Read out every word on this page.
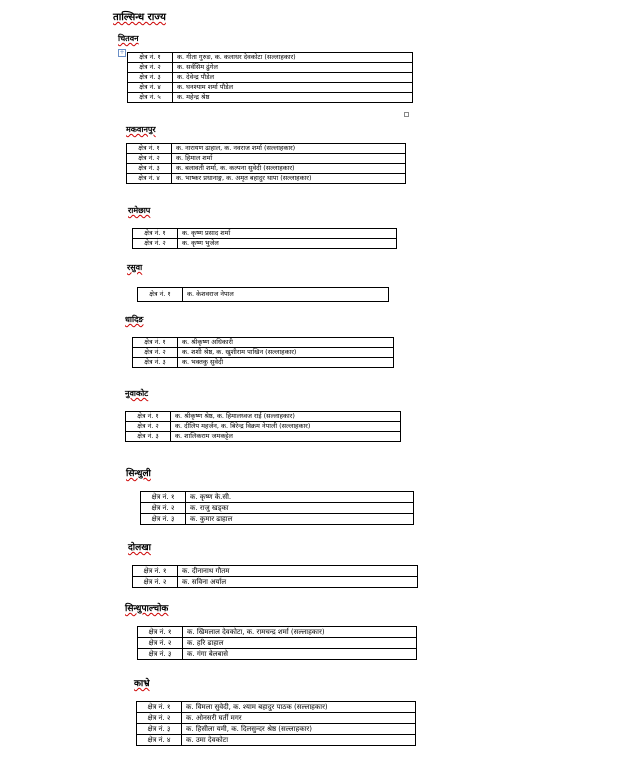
ताल्सिन्ध राज्य
+
चितवन
क्षेत्र नं. १	क. गीता गुरुङ, क. कलाधर देवकोटा (सल्लाहकार)
क्षेत्र नं. २	क. सर्वसिम ढुंगेल
क्षेत्र नं. ३	क. देवेन्द्र पौडेल
क्षेत्र नं. ४	क. घनश्याम शर्मा पौडेल
क्षेत्र नं. ५	क. महेन्द्र श्रेष्ठ
मकवानपुर
क्षेत्र नं. १	क. नारायण ढाहाल, क. नवराज शर्मा (सल्लाहकार)
क्षेत्र नं. २	क. हिमाल शर्मा
क्षेत्र नं. ३	क. बलावती शर्मा, क. कल्पना सुवेदी (सल्लाहकार)
क्षेत्र नं. ४	क. भाष्कर प्रधानाङ्ग, क. अमृत बहादुर थापा (सल्लाहकार)
रामेछाप
क्षेत्र नं. १	क. कृष्ण प्रसाद शर्मा
क्षेत्र नं. २	क. कृष्ण भुजेल
रसुवा
क्षेत्र नं. १	क. केशवराज नेपाल
धादिङ
क्षेत्र नं. १	क. श्रीकृष्ण अधिकारी
क्षेत्र नं. २	क. शशी श्रेष्ठ, क. खुशीराम पाखिन (सल्लाहकार)
क्षेत्र नं. ३	क. भक्तकु सुवेदी
नुवाकोट
क्षेत्र नं. १	क. श्रीकृष्ण श्रेष्ठ, क. हिमालध्वज राई (सल्लाहकार)
क्षेत्र नं. २	क. दीलिप महर्जन, क. बिरेन्द्र विक्रम नेपाली (सल्लाहकार)
क्षेत्र नं. ३	क. शालिकराम जमकट्टेल
सिन्धुली
क्षेत्र नं. १	क. कृष्ण के.सी.
क्षेत्र नं. २	क. राजु खड्का
क्षेत्र नं. ३	क. कुमार ढाहाल
दोलखा
क्षेत्र नं. १	क. दीनानाथ गौतम
क्षेत्र नं. २	क. सविना अर्याल
सिन्धुपाल्चोक
क्षेत्र नं. १	क. खिमलाल देवकोटा, क. रामचन्द्र शर्मा (सल्लाहकार)
क्षेत्र नं. २	क. हरि ढाहाल
क्षेत्र नं. ३	क. गंगा बेलबासे
काभ्रे
क्षेत्र नं. १	क. विमला सुवेदी, क. श्याम बहादुर पाठक (सल्लाहकार)
क्षेत्र नं. २	क. ओनसरी घर्ती मगर
क्षेत्र नं. ३	क. हिसीला यमी, क. दिलसुन्दर श्रेष्ठ (सल्लाहकार)
क्षेत्र नं. ४	क. उमा देवकोटा
